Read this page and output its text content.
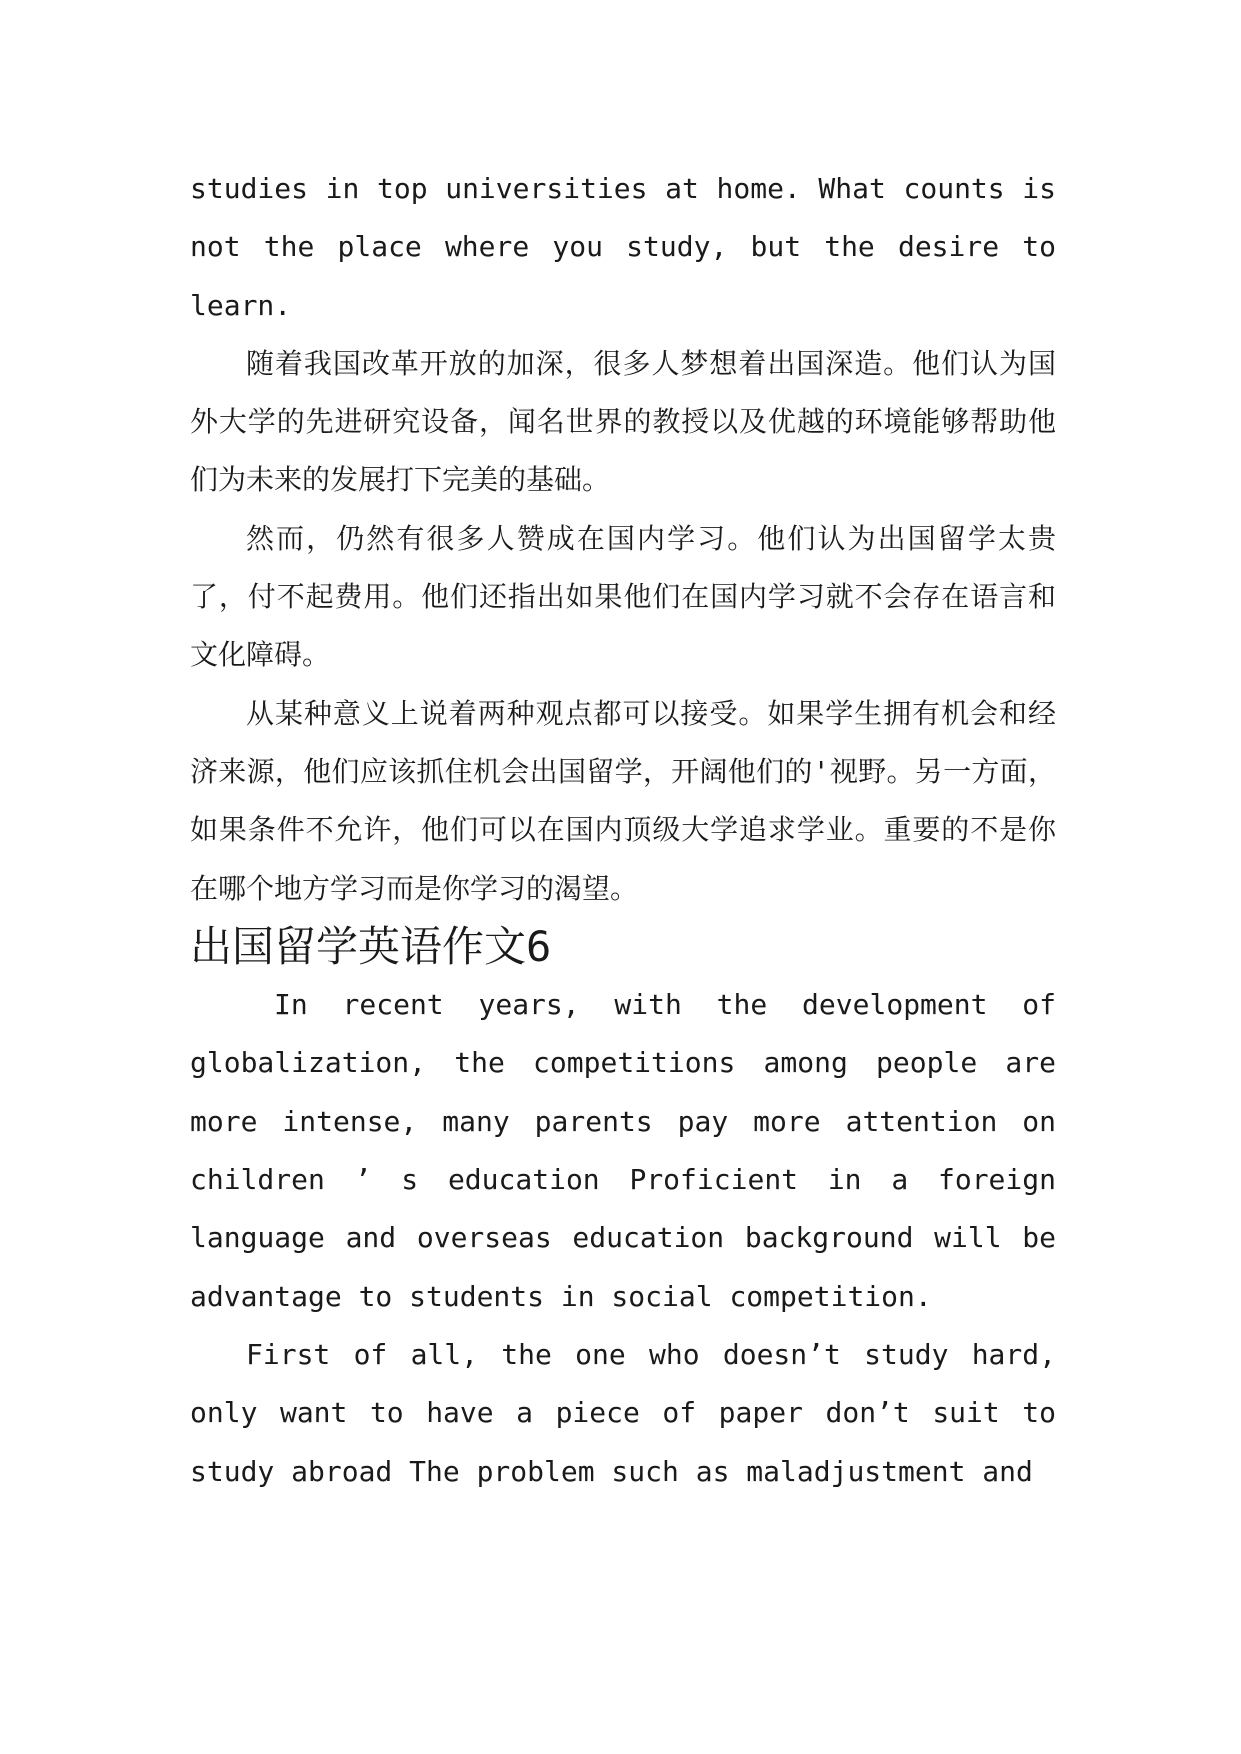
studies in top universities at home. What counts is not the place where you study, but the desire to learn.

随着我国改革开放的加深，很多人梦想着出国深造。他们认为国外大学的先进研究设备，闻名世界的教授以及优越的环境能够帮助他们为未来的发展打下完美的基础。

然而，仍然有很多人赞成在国内学习。他们认为出国留学太贵了，付不起费用。他们还指出如果他们在国内学习就不会存在语言和文化障碍。

从某种意义上说着两种观点都可以接受。如果学生拥有机会和经济来源，他们应该抓住机会出国留学，开阔他们的'视野。另一方面，如果条件不允许，他们可以在国内顶级大学追求学业。重要的不是你在哪个地方学习而是你学习的渴望。

出国留学英语作文6

In recent years, with the development of globalization, the competitions among people are more intense, many parents pay more attention on children ’ s education Proficient in a foreign language and overseas education background will be advantage to students in social competition.

First of all, the one who doesn’t study hard, only want to have a piece of paper don’t suit to study abroad The problem such as maladjustment and
